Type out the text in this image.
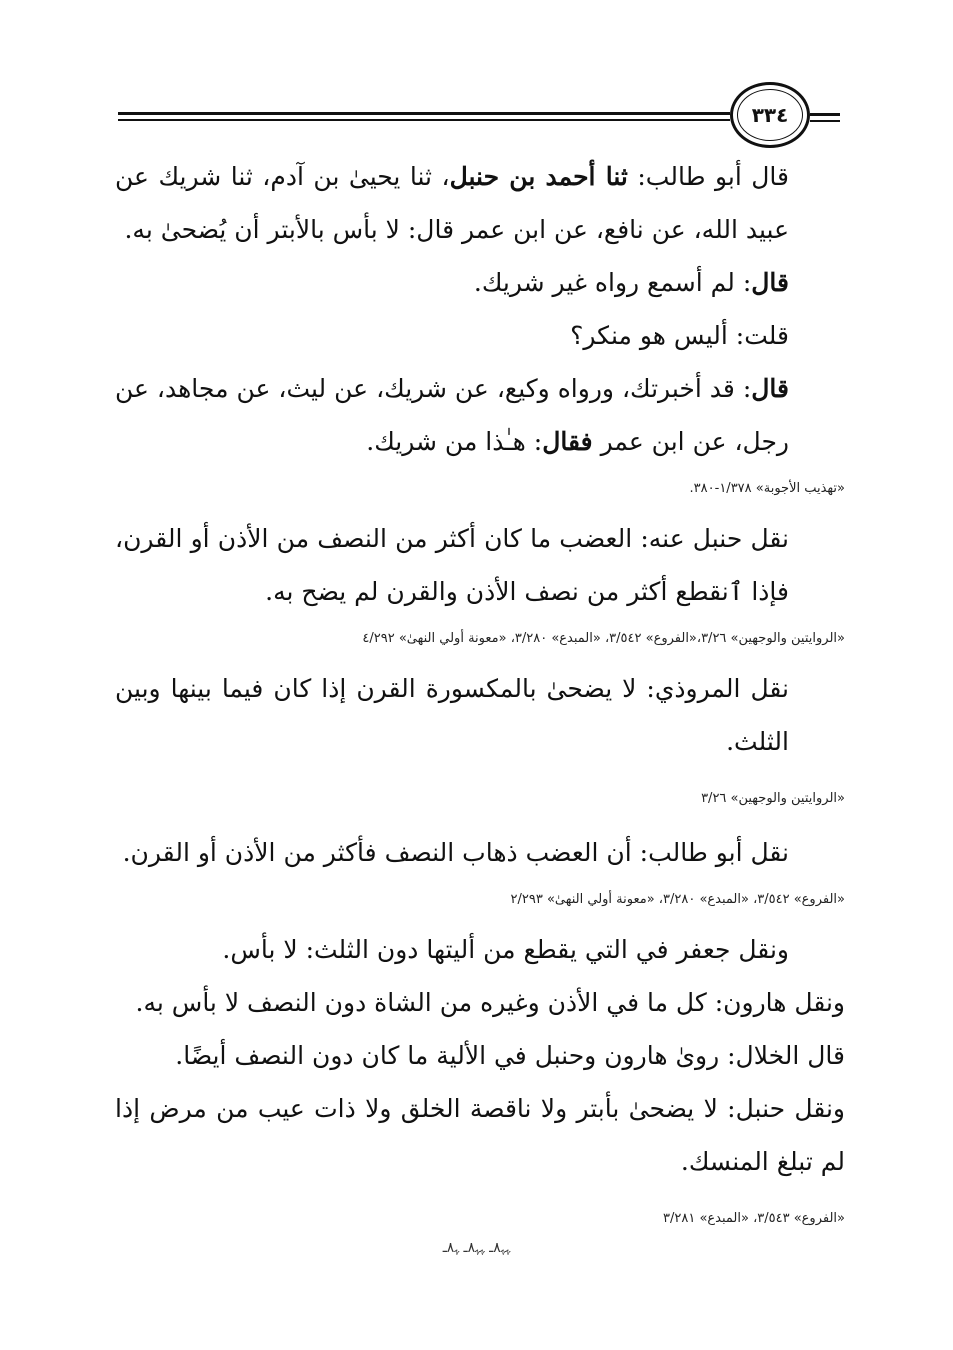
٣٣٤

قال أبو طالب: ثنا أحمد بن حنبل، ثنا يحيىٰ بن آدم، ثنا شريك عن عبيد الله، عن نافع، عن ابن عمر قال: لا بأس بالأبتر أن يُضحىٰ به.

قال: لم أسمع رواه غير شريك.

قلت: أليس هو منكر؟

قال: قد أخبرتك، ورواه وكيع، عن شريك، عن ليث، عن مجاهد، عن رجل، عن ابن عمر فقال: هـٰذا من شريك.

«تهذيب الأجوبة» ١/٣٧٨-٣٨٠.

نقل حنبل عنه: العضب ما كان أكثر من النصف من الأذن أو القرن، فإذا ٱنقطع أكثر من نصف الأذن والقرن لم يضح به.

«الروايتين والوجهين» ٣/٢٦،«الفروع» ٣/٥٤٢، «المبدع» ٣/٢٨٠، «معونة أولي النهىٰ» ٤/٢٩٢

نقل المروذي: لا يضحىٰ بالمكسورة القرن إذا كان فيما بينها وبين الثلث.

«الروايتين والوجهين» ٣/٢٦

نقل أبو طالب: أن العضب ذهاب النصف فأكثر من الأذن أو القرن.

«الفروع» ٣/٥٤٢، «المبدع» ٣/٢٨٠، «معونة أولي النهىٰ» ٢/٢٩٣

ونقل جعفر في التي يقطع من أليتها دون الثلث: لا بأس.

ونقل هارون: كل ما في الأذن وغيره من الشاة دون النصف لا بأس به.

قال الخلال: روىٰ هارون وحنبل في الألية ما كان دون النصف أيضًا.

ونقل حنبل: لا يضحىٰ بأبتر ولا ناقصة الخلق ولا ذات عيب من مرض إذا لم تبلغ المنسك.

«الفروع» ٣/٥٤٣، «المبدع» ٣/٢٨١

ﮩﮩ٨ـ ﮩﮩ٨ـ ﮩ٨ـ
